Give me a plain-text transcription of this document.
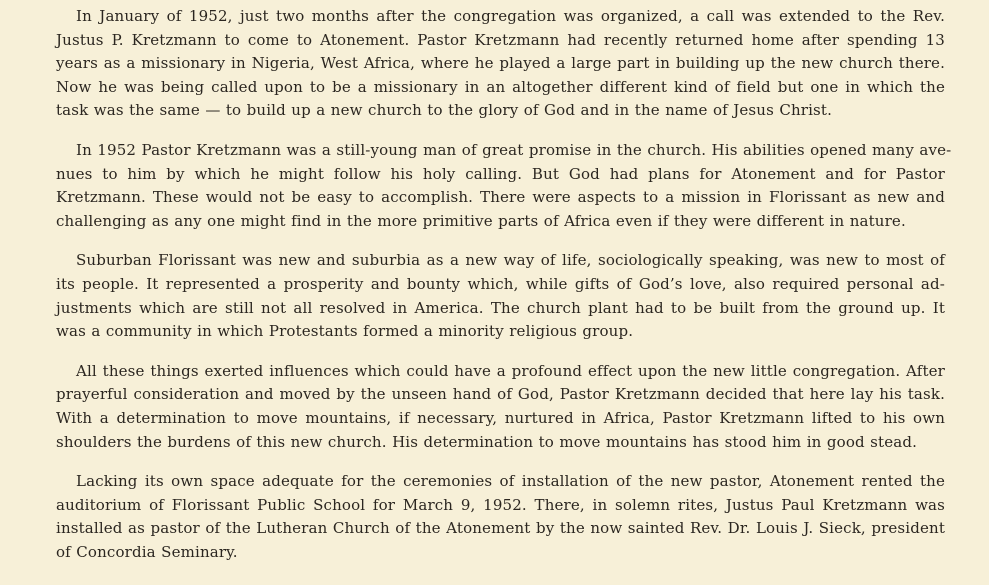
In January of 1952, just two months after the congregation was organized, a call was extended to the Rev.
Justus P. Kretzmann to come to Atonement. Pastor Kretzmann had recently returned home after spending 13
years as a missionary in Nigeria, West Africa, where he played a large part in building up the new church there.
Now he was being called upon to be a missionary in an altogether different kind of field but one in which the
task was the same — to build up a new church to the glory of God and in the name of Jesus Christ.
In 1952 Pastor Kretzmann was a still-young man of great promise in the church. His abilities opened many ave-
nues to him by which he might follow his holy calling. But God had plans for Atonement and for Pastor
Kretzmann. These would not be easy to accomplish. There were aspects to a mission in Florissant as new and
challenging as any one might find in the more primitive parts of Africa even if they were different in nature.
Suburban Florissant was new and suburbia as a new way of life, sociologically speaking, was new to most of
its people. It represented a prosperity and bounty which, while gifts of God’s love, also required personal ad-
justments which are still not all resolved in America. The church plant had to be built from the ground up. It
was a community in which Protestants formed a minority religious group.
All these things exerted influences which could have a profound effect upon the new little congregation. After
prayerful consideration and moved by the unseen hand of God, Pastor Kretzmann decided that here lay his task.
With a determination to move mountains, if necessary, nurtured in Africa, Pastor Kretzmann lifted to his own
shoulders the burdens of this new church. His determination to move mountains has stood him in good stead.
Lacking its own space adequate for the ceremonies of installation of the new pastor, Atonement rented the
auditorium of Florissant Public School for March 9, 1952. There, in solemn rites, Justus Paul Kretzmann was
installed as pastor of the Lutheran Church of the Atonement by the now sainted Rev. Dr. Louis J. Sieck, president
of Concordia Seminary.
